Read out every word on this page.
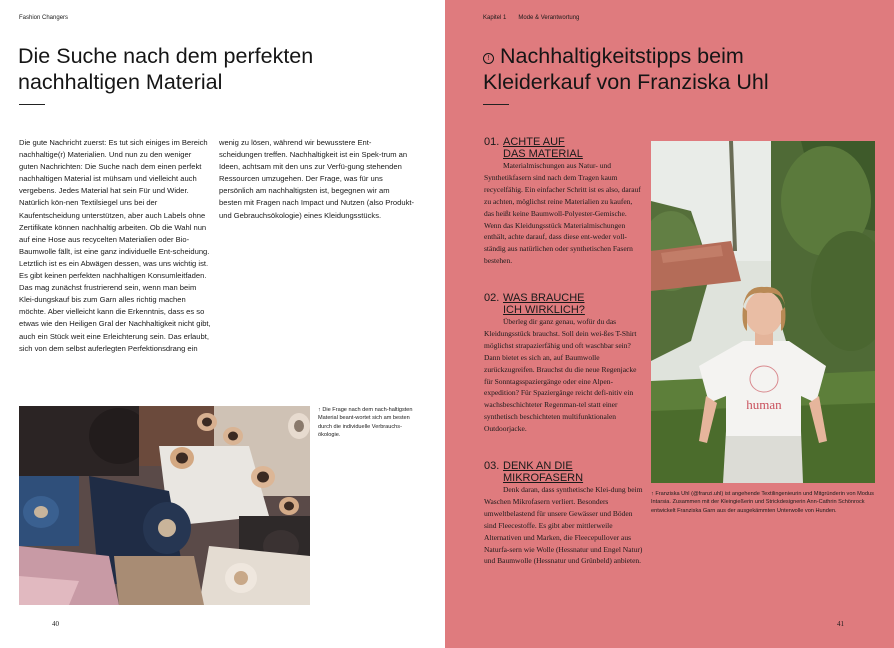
Fashion Changers
Die Suche nach dem perfekten nachhaltigen Material

Die gute Nachricht zuerst: Es tut sich einiges im Bereich nachhaltige(r) Materialien. Und nun zu den weniger guten Nachrichten: Die Suche nach dem einen perfekt nachhaltigen Material ist mühsam und vielleicht auch vergebens. Jedes Material hat sein Für und Wider. Natürlich kön-nen Textilsiegel uns bei der Kaufentscheidung unterstützen, aber auch Labels ohne Zertifikate können nachhaltig arbeiten. Ob die Wahl nun auf eine Hose aus recycelten Materialien oder Bio-Baumwolle fällt, ist eine ganz individuelle Ent-scheidung. Letztlich ist es ein Abwägen dessen, was uns wichtig ist. Es gibt keinen perfekten nachhaltigen Konsumleitfaden. Das mag zunächst frustrierend sein, wenn man beim Klei-dungskauf bis zum Garn alles richtig machen möchte. Aber vielleicht kann die Erkenntnis, dass es so etwas wie den Heiligen Gral der Nachhaltigkeit nicht gibt, auch ein Stück weit eine Erleichterung sein. Das erlaubt, sich von dem selbst auferlegten Perfektionsdrang ein

wenig zu lösen, während wir bewusstere Ent-scheidungen treffen. Nachhaltigkeit ist ein Spek-trum an Ideen, achtsam mit den uns zur Verfü-gung stehenden Ressourcen umzugehen. Der Frage, was für uns persönlich am nachhaltigsten ist, begegnen wir am besten mit Fragen nach Impact und Nutzen (also Produkt- und Gebrauchsökologie) eines Kleidungsstücks.

↑ Die Frage nach dem nach-haltigsten Material beant-wortet sich am besten durch die individuelle Verbrauchs-ökologie.
40
Kapitel 1 Mode & Verantwortung
! Nachhaltigkeitstipps beim Kleiderkauf von Franziska Uhl
01. ACHTE AUF
DAS MATERIAL

Materialmischungen aus Natur- und Synthetikfasern sind nach dem Tragen kaum recycelfähig. Ein einfacher Schritt ist es also, darauf zu achten, möglichst reine Materialien zu kaufen, das heißt keine Baumwoll-Polyester-Gemische. Wenn das Kleidungsstück Materialmischungen enthält, achte darauf, dass diese ent-weder voll-ständig aus natürlichen oder synthetischen Fasern bestehen.

02. WAS BRAUCHE
ICH WIRKLICH?

Überleg dir ganz genau, wofür du das Kleidungsstück brauchst. Soll dein wei-ßes T-Shirt möglichst strapazierfähig und oft waschbar sein? Dann bietet es sich an, auf Baumwolle zurückzugreifen. Brauchst du die neue Regenjacke für Sonntagsspaziergänge oder eine Alpen-expedition? Für Spaziergänge reicht defi-nitiv ein wachsbeschichteter Regenman-tel statt einer synthetisch beschichteten multifunktionalen Outdoorjacke.

03. DENK AN DIE
MIKROFASERN

Denk daran, dass synthetische Klei-dung beim Waschen Mikrofasern verliert. Besonders umweltbelastend für unsere Gewässer und Böden sind Fleecestoffe. Es gibt aber mittlerweile Alternativen und Marken, die Fleecepullover aus Naturfa-sern wie Wolle (Hessnatur und Engel Natur) und Baumwolle (Hessnatur und Grünbeld) anbieten.

human
↑ Franziska Uhl (@franzi.uhl) ist angehende Textilingenieurin und Mitgründerin von Modus Intarsia. Zusammen mit der Kleingießerin und Strickdesignerin Ann-Cathrin Schönrock entwickelt Franziska Garn aus der ausgekämmten Unterwolle von Hunden.
41
